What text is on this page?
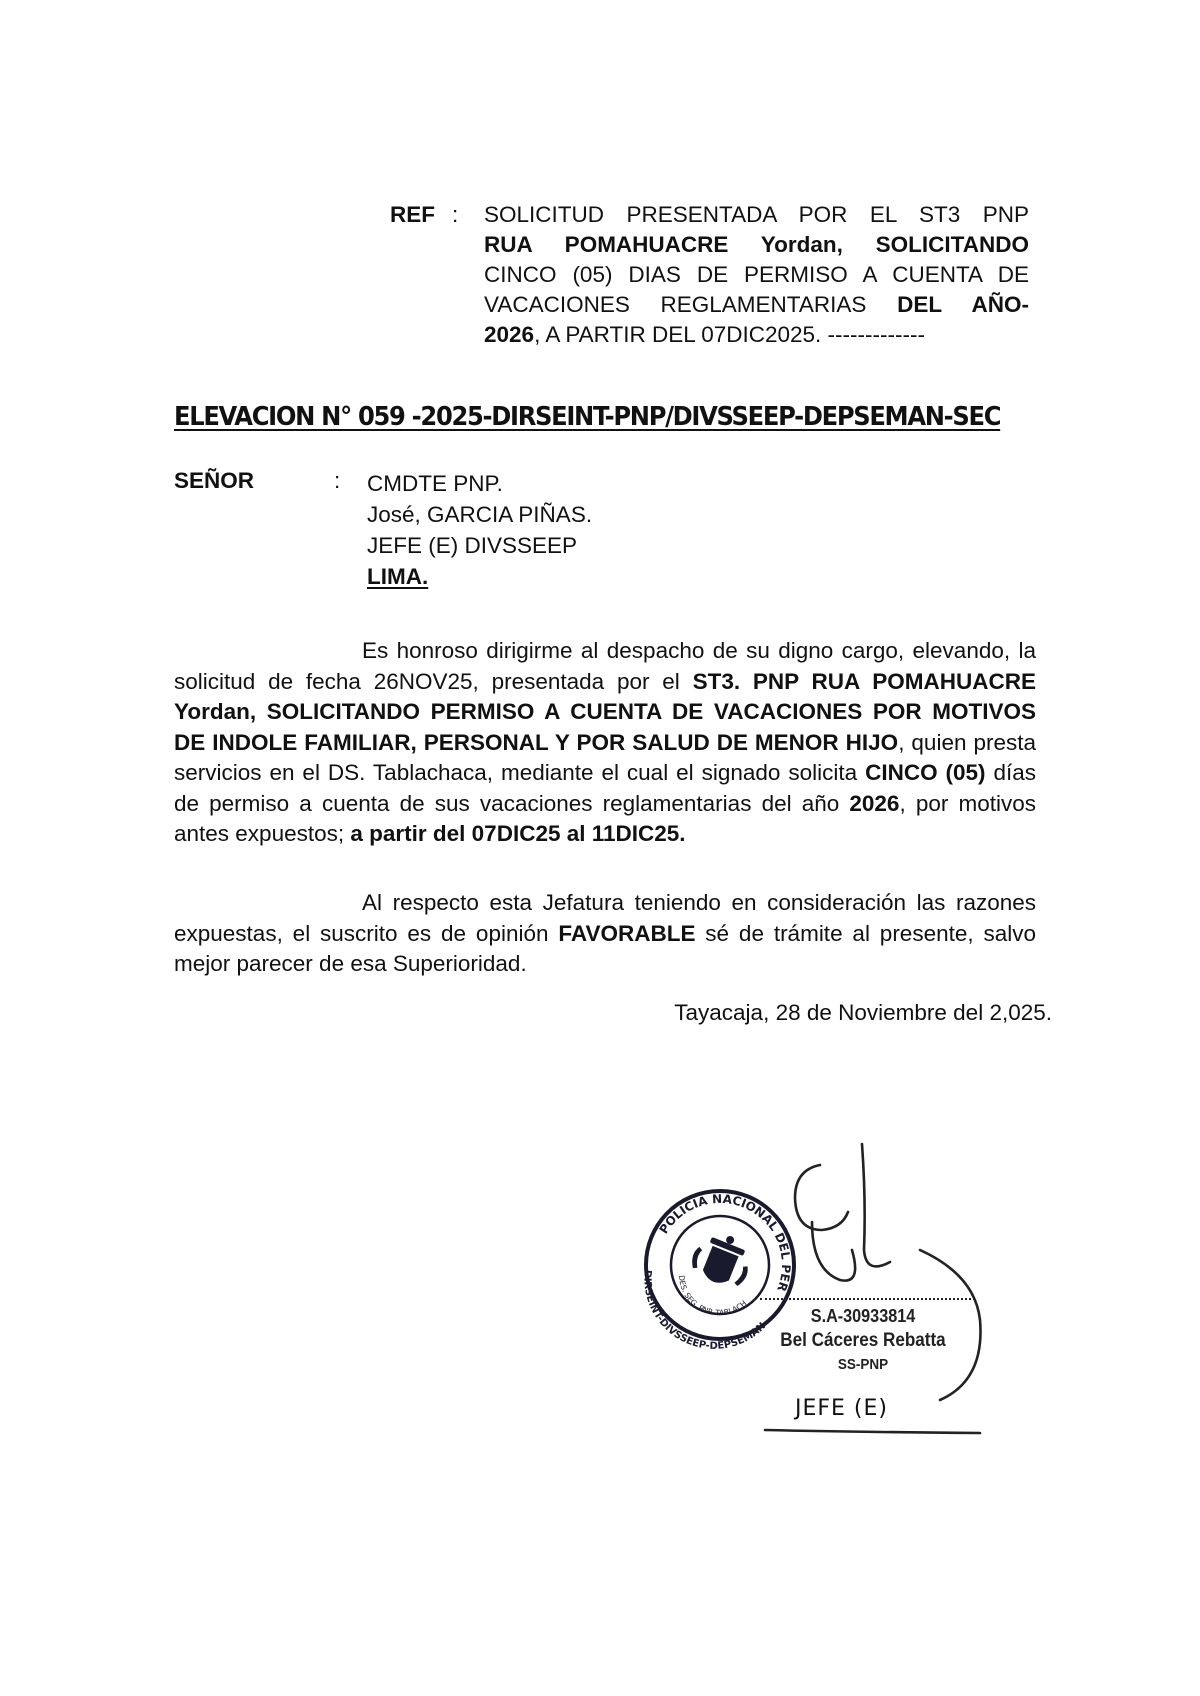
REF : SOLICITUD PRESENTADA POR EL ST3 PNP
RUA POMAHUACRE Yordan, SOLICITANDO
CINCO (05) DIAS DE PERMISO A CUENTA DE
VACACIONES REGLAMENTARIAS DEL AÑO-
2026, A PARTIR DEL 07DIC2025. -------------
ELEVACION N° 059 -2025-DIRSEINT-PNP/DIVSSEEP-DEPSEMAN-SEC
SEÑOR	: CMDTE PNP.
José, GARCIA PIÑAS.
JEFE (E) DIVSSEEP
LIMA.

Es honroso dirigirme al despacho de su digno cargo, elevando, la solicitud de fecha 26NOV25, presentada por el ST3. PNP RUA POMAHUACRE Yordan, SOLICITANDO PERMISO A CUENTA DE VACACIONES POR MOTIVOS DE INDOLE FAMILIAR, PERSONAL Y POR SALUD DE MENOR HIJO, quien presta servicios en el DS. Tablachaca, mediante el cual el signado solicita CINCO (05) días de permiso a cuenta de sus vacaciones reglamentarias del año 2026, por motivos antes expuestos; a partir del 07DIC25 al 11DIC25.

Al respecto esta Jefatura teniendo en consideración las razones expuestas, el suscrito es de opinión FAVORABLE sé de trámite al presente, salvo mejor parecer de esa Superioridad.

Tayacaja, 28 de Noviembre del 2,025.
POLICIA NACIONAL DEL PERU
DIRSEINT-DIVSSEEP-DEPSEMAN
DES. SEG. PNP. TABLACHACA
S.A-30933814
Bel Cáceres Rebatta
SS-PNP
JEFE (E)
